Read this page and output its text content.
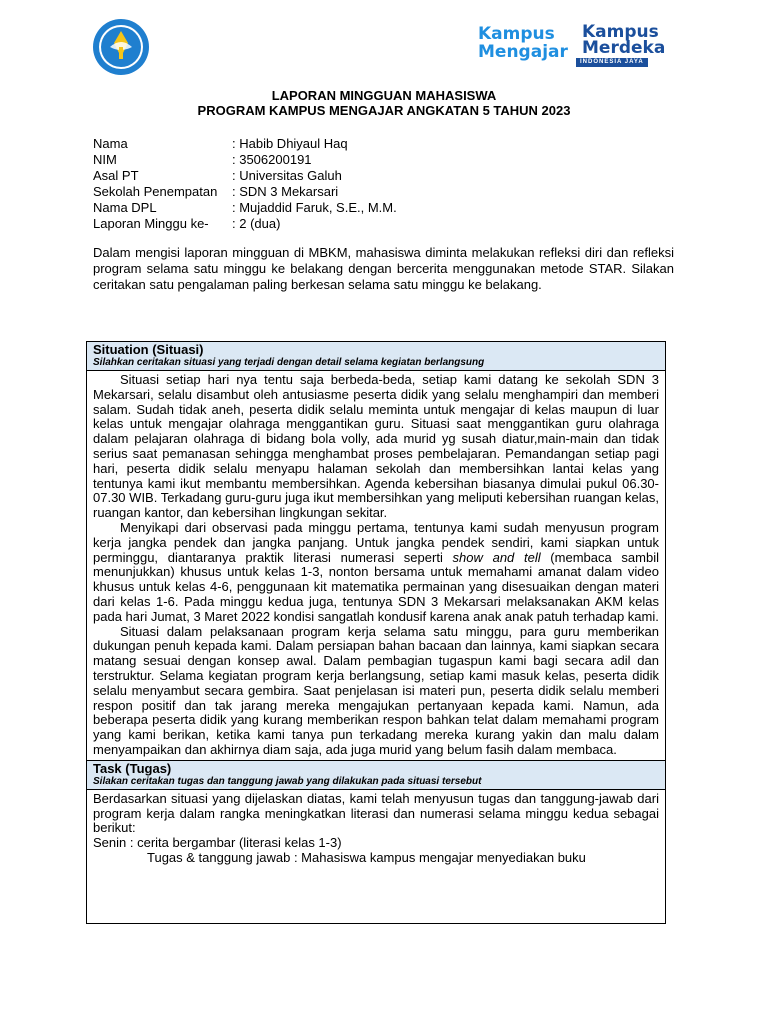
Kampus
Mengajar
Kampus
Merdeka
INDONESIA JAYA
LAPORAN MINGGUAN MAHASISWA
PROGRAM KAMPUS MENGAJAR ANGKATAN 5 TAHUN 2023
Nama	: Habib Dhiyaul Haq
NIM	: 3506200191
Asal PT	: Universitas Galuh
Sekolah Penempatan	: SDN 3 Mekarsari
Nama DPL	: Mujaddid Faruk, S.E., M.M.
Laporan Minggu ke-	: 2 (dua)
Dalam mengisi laporan mingguan di MBKM, mahasiswa diminta melakukan refleksi diri dan refleksi program selama satu minggu ke belakang dengan bercerita menggunakan metode STAR. Silakan ceritakan satu pengalaman paling berkesan selama satu minggu ke belakang.
Situation (Situasi)
Silahkan ceritakan situasi yang terjadi dengan detail selama kegiatan berlangsung

Situasi setiap hari nya tentu saja berbeda-beda, setiap kami datang ke sekolah SDN 3 Mekarsari, selalu disambut oleh antusiasme peserta didik yang selalu menghampiri dan memberi salam. Sudah tidak aneh, peserta didik selalu meminta untuk mengajar di kelas maupun di luar kelas untuk mengajar olahraga menggantikan guru. Situasi saat menggantikan guru olahraga dalam pelajaran olahraga di bidang bola volly, ada murid yg susah diatur,main-main dan tidak serius saat pemanasan sehingga menghambat proses pembelajaran. Pemandangan setiap pagi hari, peserta didik selalu menyapu halaman sekolah dan membersihkan lantai kelas yang tentunya kami ikut membantu membersihkan. Agenda kebersihan biasanya dimulai pukul 06.30-07.30 WIB. Terkadang guru-guru juga ikut membersihkan yang meliputi kebersihan ruangan kelas, ruangan kantor, dan kebersihan lingkungan sekitar.

Menyikapi dari observasi pada minggu pertama, tentunya kami sudah menyusun program kerja jangka pendek dan jangka panjang. Untuk jangka pendek sendiri, kami siapkan untuk perminggu, diantaranya praktik literasi numerasi seperti show and tell (membaca sambil menunjukkan) khusus untuk kelas 1-3, nonton bersama untuk memahami amanat dalam video khusus untuk kelas 4-6, penggunaan kit matematika permainan yang disesuaikan dengan materi dari kelas 1-6. Pada minggu kedua juga, tentunya SDN 3 Mekarsari melaksanakan AKM kelas pada hari Jumat, 3 Maret 2022 kondisi sangatlah kondusif karena anak anak patuh terhadap kami.

Situasi dalam pelaksanaan program kerja selama satu minggu, para guru memberikan dukungan penuh kepada kami. Dalam persiapan bahan bacaan dan lainnya, kami siapkan secara matang sesuai dengan konsep awal. Dalam pembagian tugaspun kami bagi secara adil dan terstruktur. Selama kegiatan program kerja berlangsung, setiap kami masuk kelas, peserta didik selalu menyambut secara gembira. Saat penjelasan isi materi pun, peserta didik selalu memberi respon positif dan tak jarang mereka mengajukan pertanyaan kepada kami. Namun, ada beberapa peserta didik yang kurang memberikan respon bahkan telat dalam memahami program yang kami berikan, ketika kami tanya pun terkadang mereka kurang yakin dan malu dalam menyampaikan dan akhirnya diam saja, ada juga murid yang belum fasih dalam membaca.

Task (Tugas)
Silakan ceritakan tugas dan tanggung jawab yang dilakukan pada situasi tersebut

Berdasarkan situasi yang dijelaskan diatas, kami telah menyusun tugas dan tanggung-jawab dari program kerja dalam rangka meningkatkan literasi dan numerasi selama minggu kedua sebagai berikut:

Senin : cerita bergambar (literasi kelas 1-3)

Tugas & tanggung jawab : Mahasiswa kampus mengajar menyediakan buku
